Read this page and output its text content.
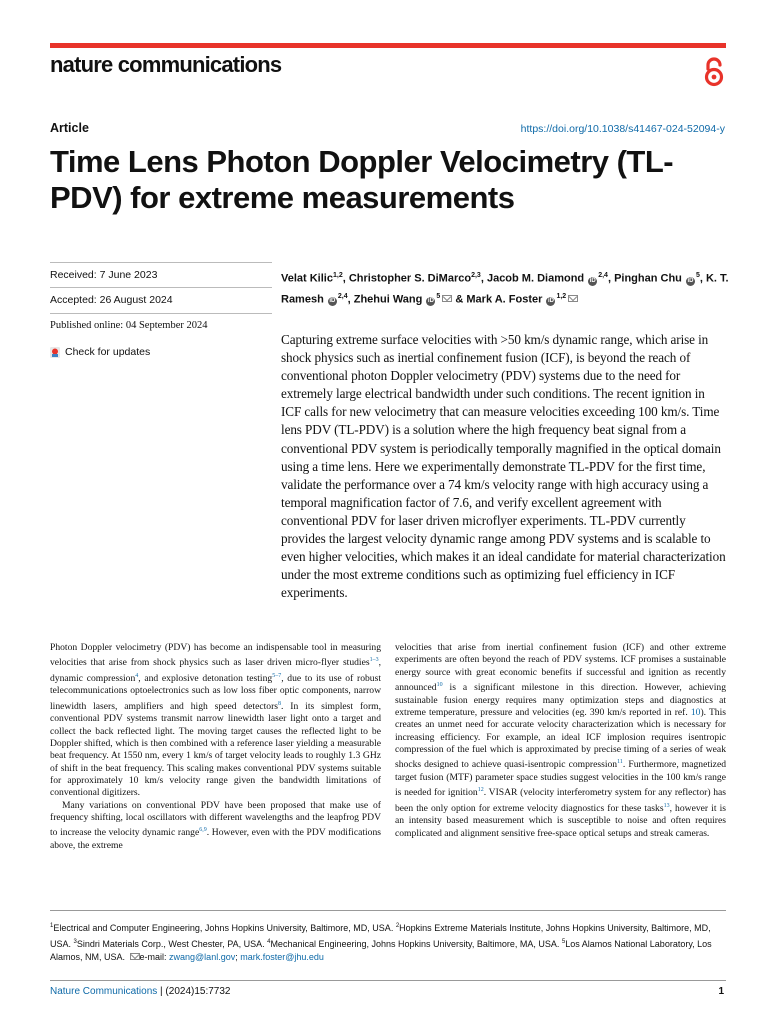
nature communications
Article	https://doi.org/10.1038/s41467-024-52094-y
Time Lens Photon Doppler Velocimetry (TL-PDV) for extreme measurements
Received: 7 June 2023
Accepted: 26 August 2024
Published online: 04 September 2024
Check for updates
Velat Kilic$^{1,2}$, Christopher S. DiMarco$^{2,3}$, Jacob M. Diamond iD$^{2,4}$, Pinghan Chu $iD^5$, K. T. Ramesh iD$^{2,4}$, Zhehui Wang $iD^5$ & Mark A. Foster iD$^{1,2}$

Capturing extreme surface velocities with >50 km/s dynamic range, which arise in shock physics such as inertial confinement fusion (ICF), is beyond the reach of conventional photon Doppler velocimetry (PDV) systems due to the need for extremely large electrical bandwidth under such conditions. The recent ignition in ICF calls for new velocimetry that can measure velocities exceeding 100 km/s. Time lens PDV (TL-PDV) is a solution where the high frequency beat signal from a conventional PDV system is periodically temporally magnified in the optical domain using a time lens. Here we experimentally demonstrate TL-PDV for the first time, validate the performance over a 74 km/s velocity range with high accuracy using a temporal magnification factor of 7.6, and verify excellent agreement with conventional PDV for laser driven microflyer experiments. TL-PDV currently provides the largest velocity dynamic range among PDV systems and is scalable to even higher velocities, which makes it an ideal candidate for material characterization under the most extreme conditions such as optimizing fuel efficiency in ICF experiments.

Photon Doppler velocimetry (PDV) has become an indispensable tool in measuring velocities that arise from shock physics such as laser driven micro-flyer studies$^{1-3}$, dynamic compression$^4$, and explosive detonation testing$^{5-7}$, due to its use of robust telecommunications optoelectronics such as low loss fiber optic components, narrow linewidth lasers, amplifiers and high speed detectors$^8$. In its simplest form, conventional PDV systems transmit narrow linewidth laser light onto a target and collect the back reflected light. The moving target causes the reflected light to be Doppler shifted, which is then combined with a reference laser yielding a measurable beat frequency. At 1550 nm, every 1 km/s of target velocity leads to roughly 1.3 GHz of shift in the beat frequency. This scaling makes conventional PDV systems suitable for approximately 10 km/s velocity range given the bandwidth limitations of conventional digitizers.

Many variations on conventional PDV have been proposed that make use of frequency shifting, local oscillators with different wavelengths and the leapfrog PDV to increase the velocity dynamic range$^{6,9}$. However, even with the PDV modifications above, the extreme

velocities that arise from inertial confinement fusion (ICF) and other extreme experiments are often beyond the reach of PDV systems. ICF promises a sustainable energy source with great economic benefits if successful and ignition as recently announced$^{10}$ is a significant milestone in this direction. However, achieving sustainable fusion energy requires many optimization steps and diagnostics at extreme temperature, pressure and velocities (eg. 390 km/s reported in ref. 10). This creates an unmet need for accurate velocity characterization which is necessary for increasing efficiency. For example, an ideal ICF implosion requires isentropic compression of the fuel which is approximated by precise timing of a series of weak shocks designed to achieve quasi-isentropic compression$^{11}$. Furthermore, magnetized target fusion (MTF) parameter space studies suggest velocities in the 100 km/s range is needed for ignition$^{12}$. VISAR (velocity interferometry system for any reflector) has been the only option for extreme velocity diagnostics for these tasks$^{13}$, however it is an intensity based measurement which is susceptible to noise and often requires complicated and alignment sensitive free-space optical setups and streak cameras.

$^1$Electrical and Computer Engineering, Johns Hopkins University, Baltimore, MD, USA. $^2$Hopkins Extreme Materials Institute, Johns Hopkins University, Baltimore, MD, USA. $^3$Sindri Materials Corp., West Chester, PA, USA. $^4$Mechanical Engineering, Johns Hopkins University, Baltimore, MA, USA. $^5$Los Alamos National Laboratory, Los Alamos, NM, USA. e-mail: zwang@lanl.gov; mark.foster@jhu.edu

Nature Communications | (2024)15:7732	1
